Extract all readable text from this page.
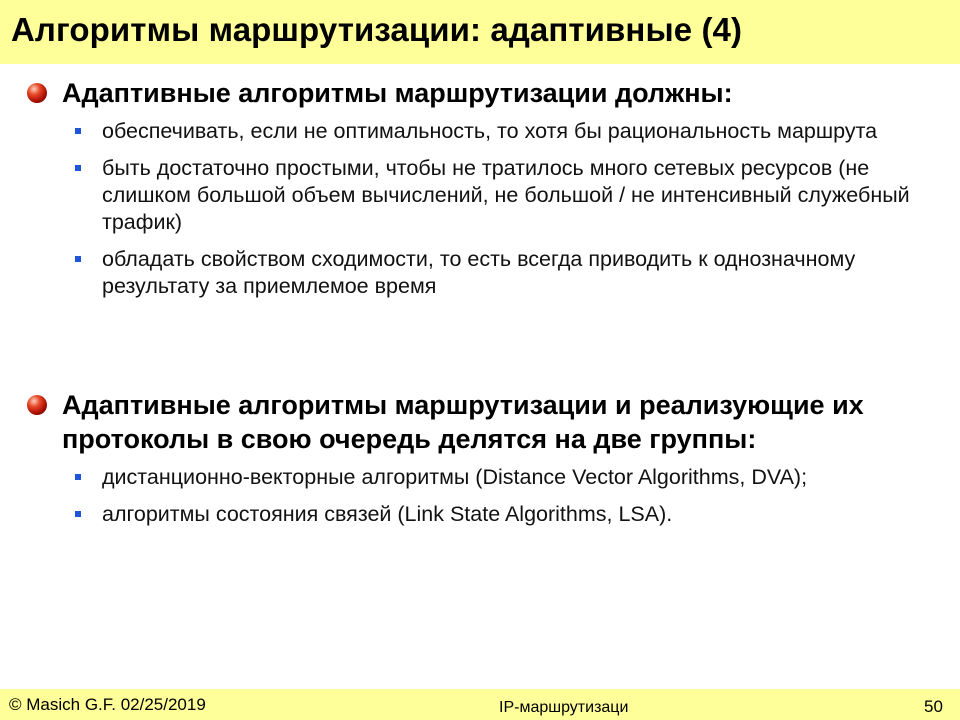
Алгоритмы маршрутизации: адаптивные (4)
Адаптивные алгоритмы маршрутизации должны:
обеспечивать, если не оптимальность, то хотя бы рациональность маршрута
быть достаточно простыми, чтобы не тратилось много сетевых ресурсов (не слишком большой объем вычислений, не большой / не интенсивный служебный трафик)
обладать свойством сходимости, то есть всегда приводить к однозначному результату за приемлемое время
Адаптивные алгоритмы маршрутизации и реализующие их протоколы в свою очередь делятся на две группы:
дистанционно-векторные алгоритмы (Distance Vector Algorithms, DVA);
алгоритмы состояния связей (Link State Algorithms, LSA).
© Masich G.F. 02/25/2019	IP-маршрутизаци	50
